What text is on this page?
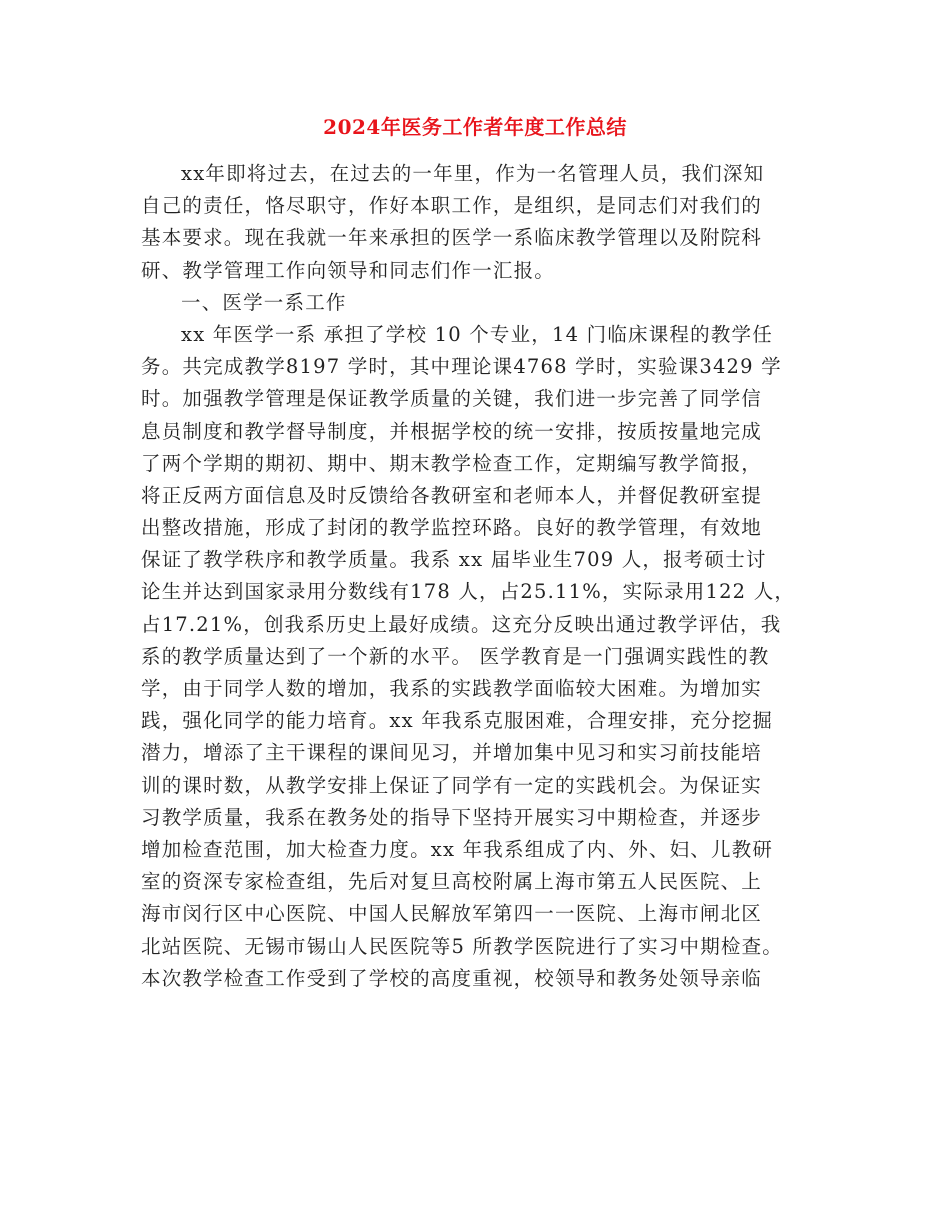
2024年医务工作者年度工作总结
xx年即将过去，在过去的一年里，作为一名管理人员，我们深知
自己的责任，恪尽职守，作好本职工作，是组织，是同志们对我们的
基本要求。现在我就一年来承担的医学一系临床教学管理以及附院科
研、教学管理工作向领导和同志们作一汇报。
一、医学一系工作
xx 年医学一系 承担了学校 10 个专业，14 门临床课程的教学任
务。共完成教学8197 学时，其中理论课4768 学时，实验课3429 学
时。加强教学管理是保证教学质量的关键，我们进一步完善了同学信
息员制度和教学督导制度，并根据学校的统一安排，按质按量地完成
了两个学期的期初、期中、期末教学检查工作，定期编写教学简报，
将正反两方面信息及时反馈给各教研室和老师本人，并督促教研室提
出整改措施，形成了封闭的教学监控环路。良好的教学管理，有效地
保证了教学秩序和教学质量。我系 xx 届毕业生709 人，报考硕士讨
论生并达到国家录用分数线有178 人，占25.11%，实际录用122 人，
占17.21%，创我系历史上最好成绩。这充分反映出通过教学评估，我
系的教学质量达到了一个新的水平。 医学教育是一门强调实践性的教
学，由于同学人数的增加，我系的实践教学面临较大困难。为增加实
践，强化同学的能力培育。xx 年我系克服困难，合理安排，充分挖掘
潜力，增添了主干课程的课间见习，并增加集中见习和实习前技能培
训的课时数，从教学安排上保证了同学有一定的实践机会。为保证实
习教学质量，我系在教务处的指导下坚持开展实习中期检查，并逐步
增加检查范围，加大检查力度。xx 年我系组成了内、外、妇、儿教研
室的资深专家检查组，先后对复旦高校附属上海市第五人民医院、上
海市闵行区中心医院、中国人民解放军第四一一医院、上海市闸北区
北站医院、无锡市锡山人民医院等5 所教学医院进行了实习中期检查。
本次教学检查工作受到了学校的高度重视，校领导和教务处领导亲临
